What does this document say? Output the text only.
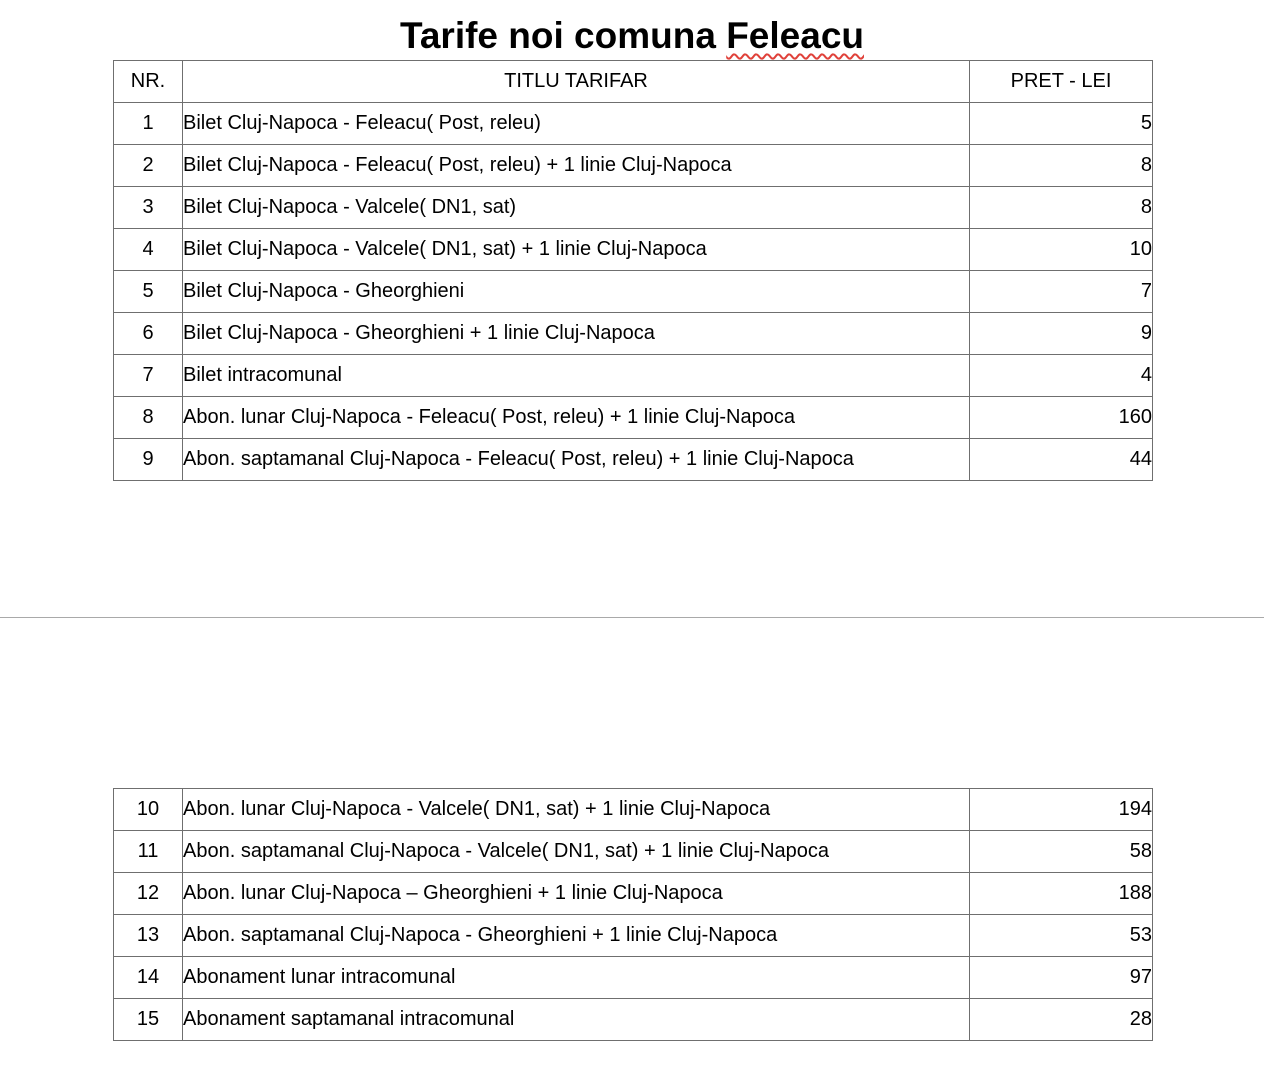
Tarife noi comuna Feleacu
NR.	TITLU TARIFAR	PRET - LEI
1	Bilet Cluj-Napoca - Feleacu( Post, releu)	5
2	Bilet Cluj-Napoca - Feleacu( Post, releu) + 1 linie Cluj-Napoca	8
3	Bilet Cluj-Napoca - Valcele( DN1, sat)	8
4	Bilet Cluj-Napoca - Valcele( DN1, sat) + 1 linie Cluj-Napoca	10
5	Bilet Cluj-Napoca - Gheorghieni	7
6	Bilet Cluj-Napoca - Gheorghieni + 1 linie Cluj-Napoca	9
7	Bilet intracomunal	4
8	Abon. lunar Cluj-Napoca - Feleacu( Post, releu) + 1 linie Cluj-Napoca	160
9	Abon. saptamanal Cluj-Napoca - Feleacu( Post, releu) + 1 linie Cluj-Napoca	44
10	Abon. lunar Cluj-Napoca - Valcele( DN1, sat) + 1 linie Cluj-Napoca	194
11	Abon. saptamanal Cluj-Napoca - Valcele( DN1, sat) + 1 linie Cluj-Napoca	58
12	Abon. lunar Cluj-Napoca – Gheorghieni + 1 linie Cluj-Napoca	188
13	Abon. saptamanal Cluj-Napoca - Gheorghieni + 1 linie Cluj-Napoca	53
14	Abonament lunar intracomunal	97
15	Abonament saptamanal intracomunal	28
